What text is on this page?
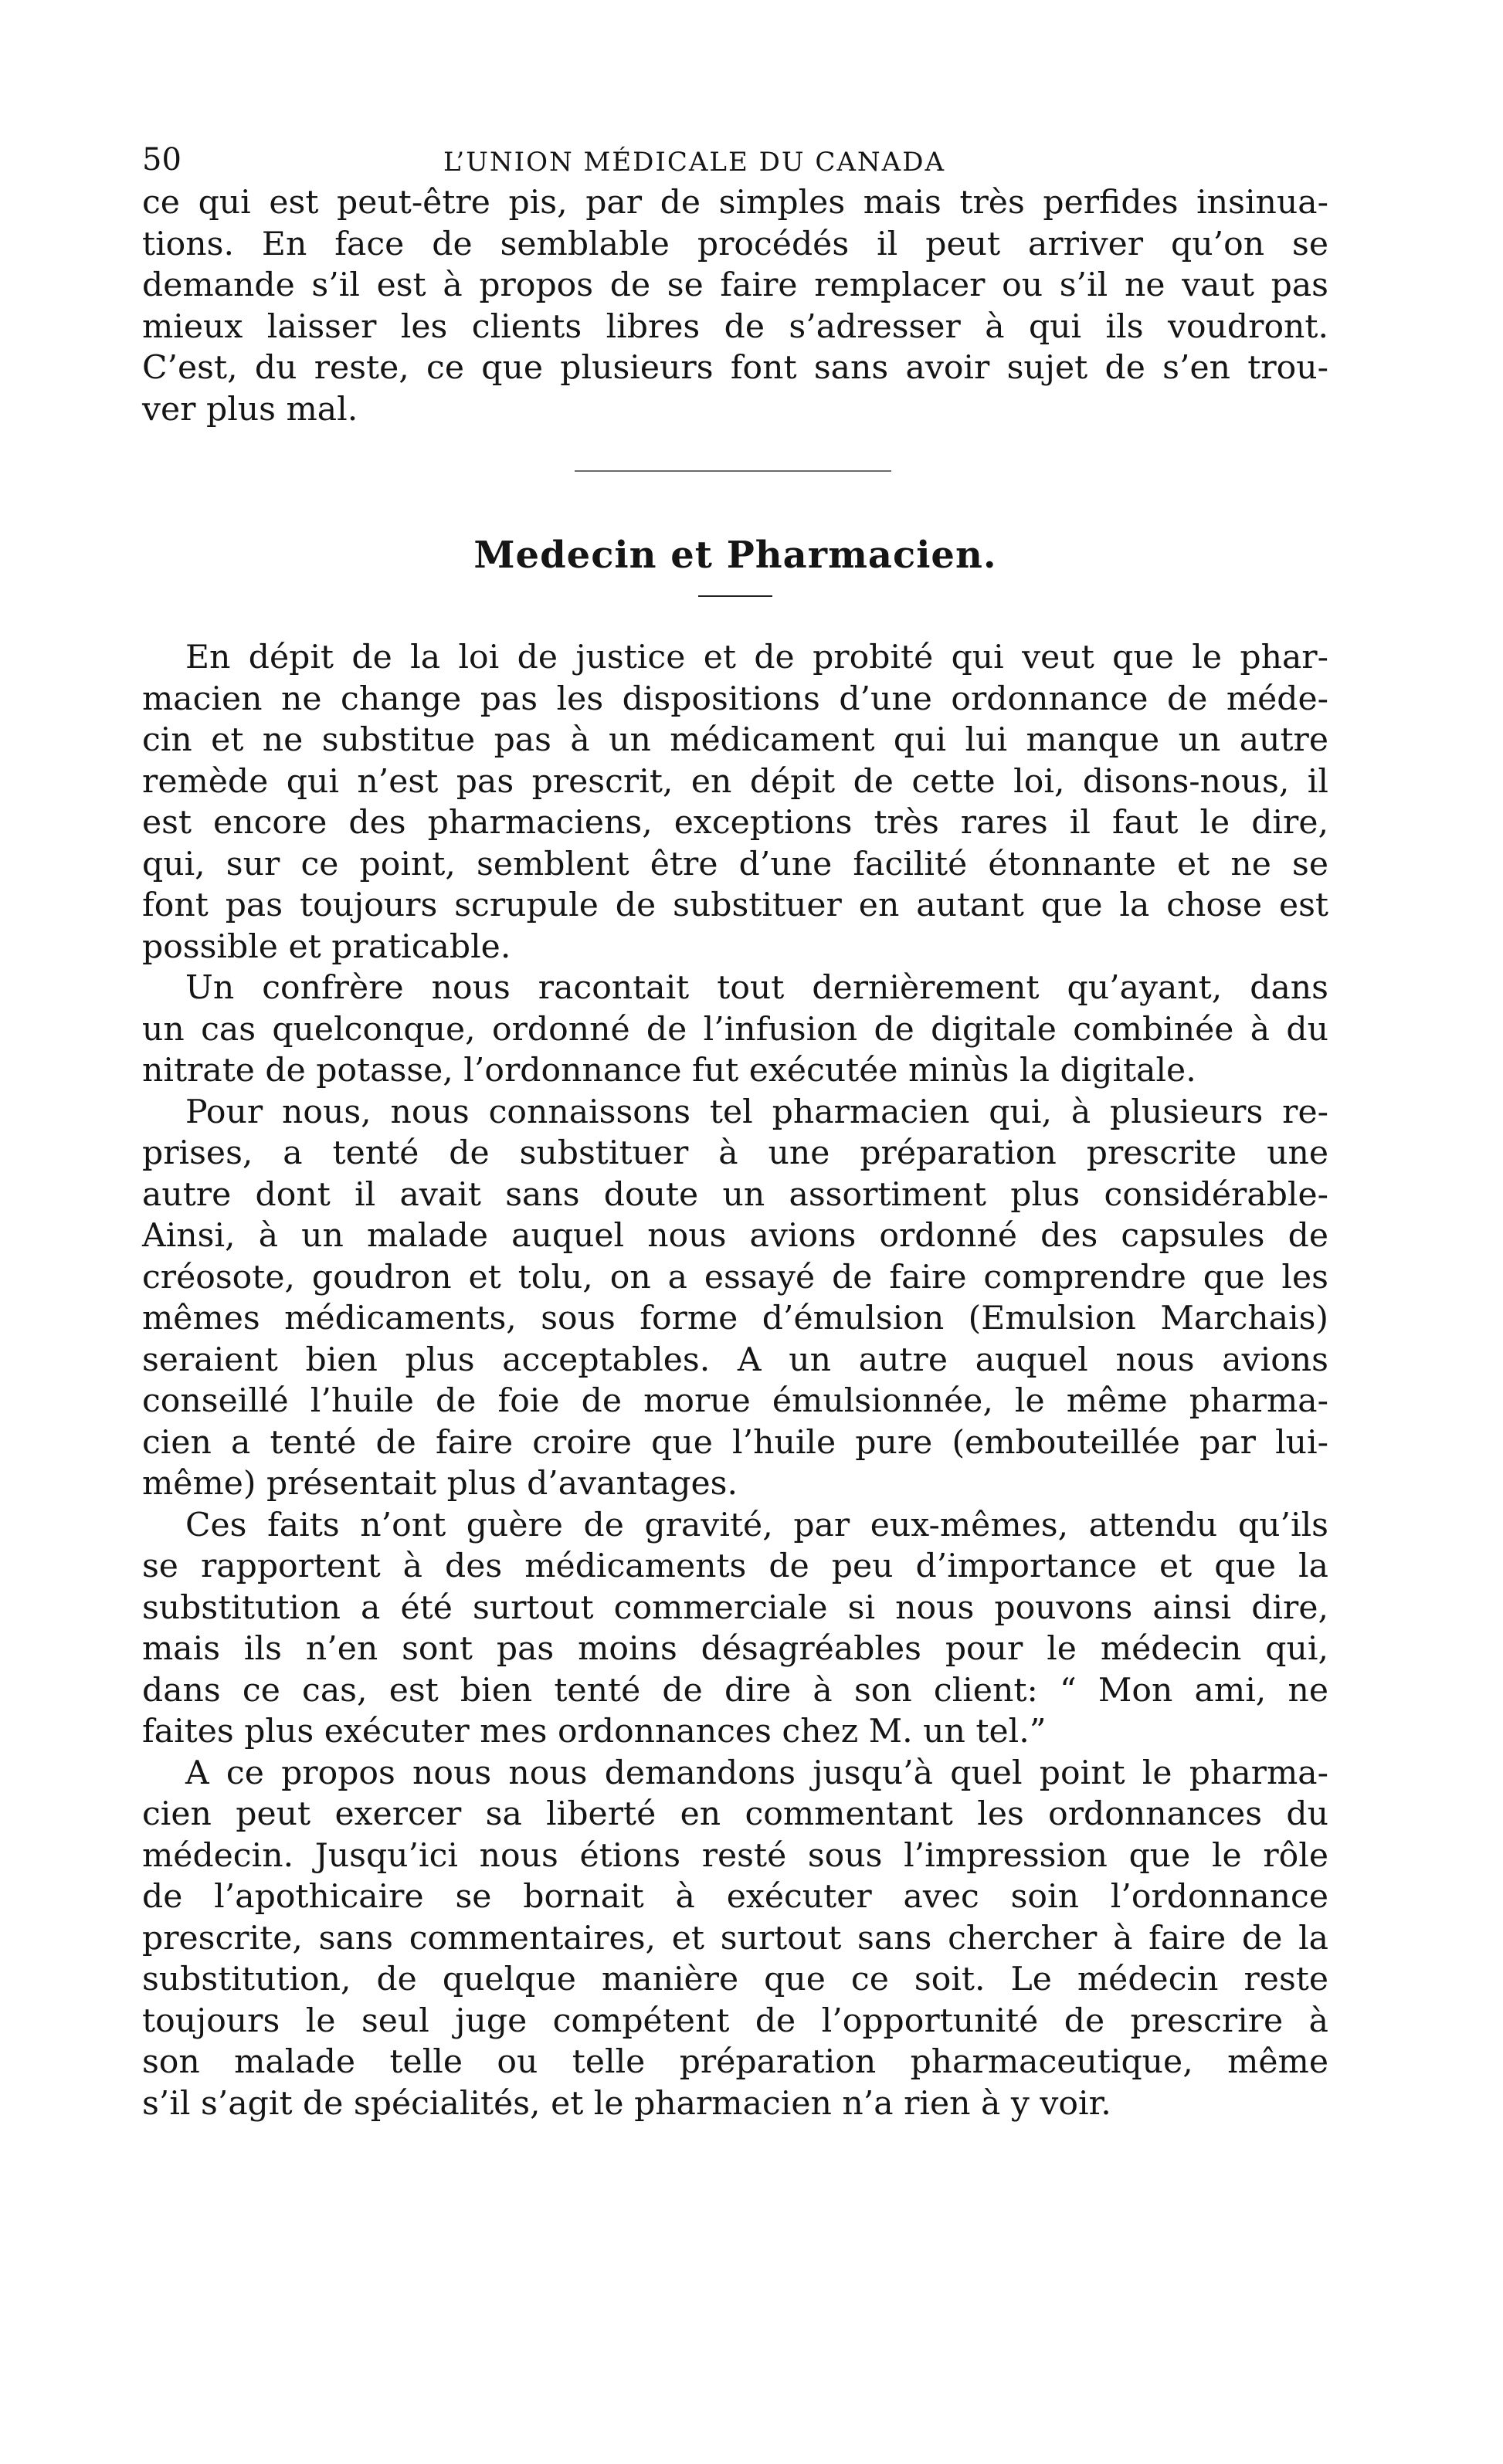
50	L’UNION MÉDICALE DU CANADA
ce qui est peut-être pis, par de simples mais très perfides insinua-
tions. En face de semblable procédés il peut arriver qu’on se
demande s’il est à propos de se faire remplacer ou s’il ne vaut pas
mieux laisser les clients libres de s’adresser à qui ils voudront.
C’est, du reste, ce que plusieurs font sans avoir sujet de s’en trou-
ver plus mal.
Medecin et Pharmacien.
En dépit de la loi de justice et de probité qui veut que le phar-
macien ne change pas les dispositions d’une ordonnance de méde-
cin et ne substitue pas à un médicament qui lui manque un autre
remède qui n’est pas prescrit, en dépit de cette loi, disons-nous, il
est encore des pharmaciens, exceptions très rares il faut le dire,
qui, sur ce point, semblent être d’une facilité étonnante et ne se
font pas toujours scrupule de substituer en autant que la chose est
possible et praticable.
Un confrère nous racontait tout dernièrement qu’ayant, dans
un cas quelconque, ordonné de l’infusion de digitale combinée à du
nitrate de potasse, l’ordonnance fut exécutée minùs la digitale.
Pour nous, nous connaissons tel pharmacien qui, à plusieurs re-
prises, a tenté de substituer à une préparation prescrite une
autre dont il avait sans doute un assortiment plus considérable-
Ainsi, à un malade auquel nous avions ordonné des capsules de
créosote, goudron et tolu, on a essayé de faire comprendre que les
mêmes médicaments, sous forme d’émulsion (Emulsion Marchais)
seraient bien plus acceptables. A un autre auquel nous avions
conseillé l’huile de foie de morue émulsionnée, le même pharma-
cien a tenté de faire croire que l’huile pure (embouteillée par lui-
même) présentait plus d’avantages.
Ces faits n’ont guère de gravité, par eux-mêmes, attendu qu’ils
se rapportent à des médicaments de peu d’importance et que la
substitution a été surtout commerciale si nous pouvons ainsi dire,
mais ils n’en sont pas moins désagréables pour le médecin qui,
dans ce cas, est bien tenté de dire à son client: “ Mon ami, ne
faites plus exécuter mes ordonnances chez M. un tel.”
A ce propos nous nous demandons jusqu’à quel point le pharma-
cien peut exercer sa liberté en commentant les ordonnances du
médecin. Jusqu’ici nous étions resté sous l’impression que le rôle
de l’apothicaire se bornait à exécuter avec soin l’ordonnance
prescrite, sans commentaires, et surtout sans chercher à faire de la
substitution, de quelque manière que ce soit. Le médecin reste
toujours le seul juge compétent de l’opportunité de prescrire à
son malade telle ou telle préparation pharmaceutique, même
s’il s’agit de spécialités, et le pharmacien n’a rien à y voir.
